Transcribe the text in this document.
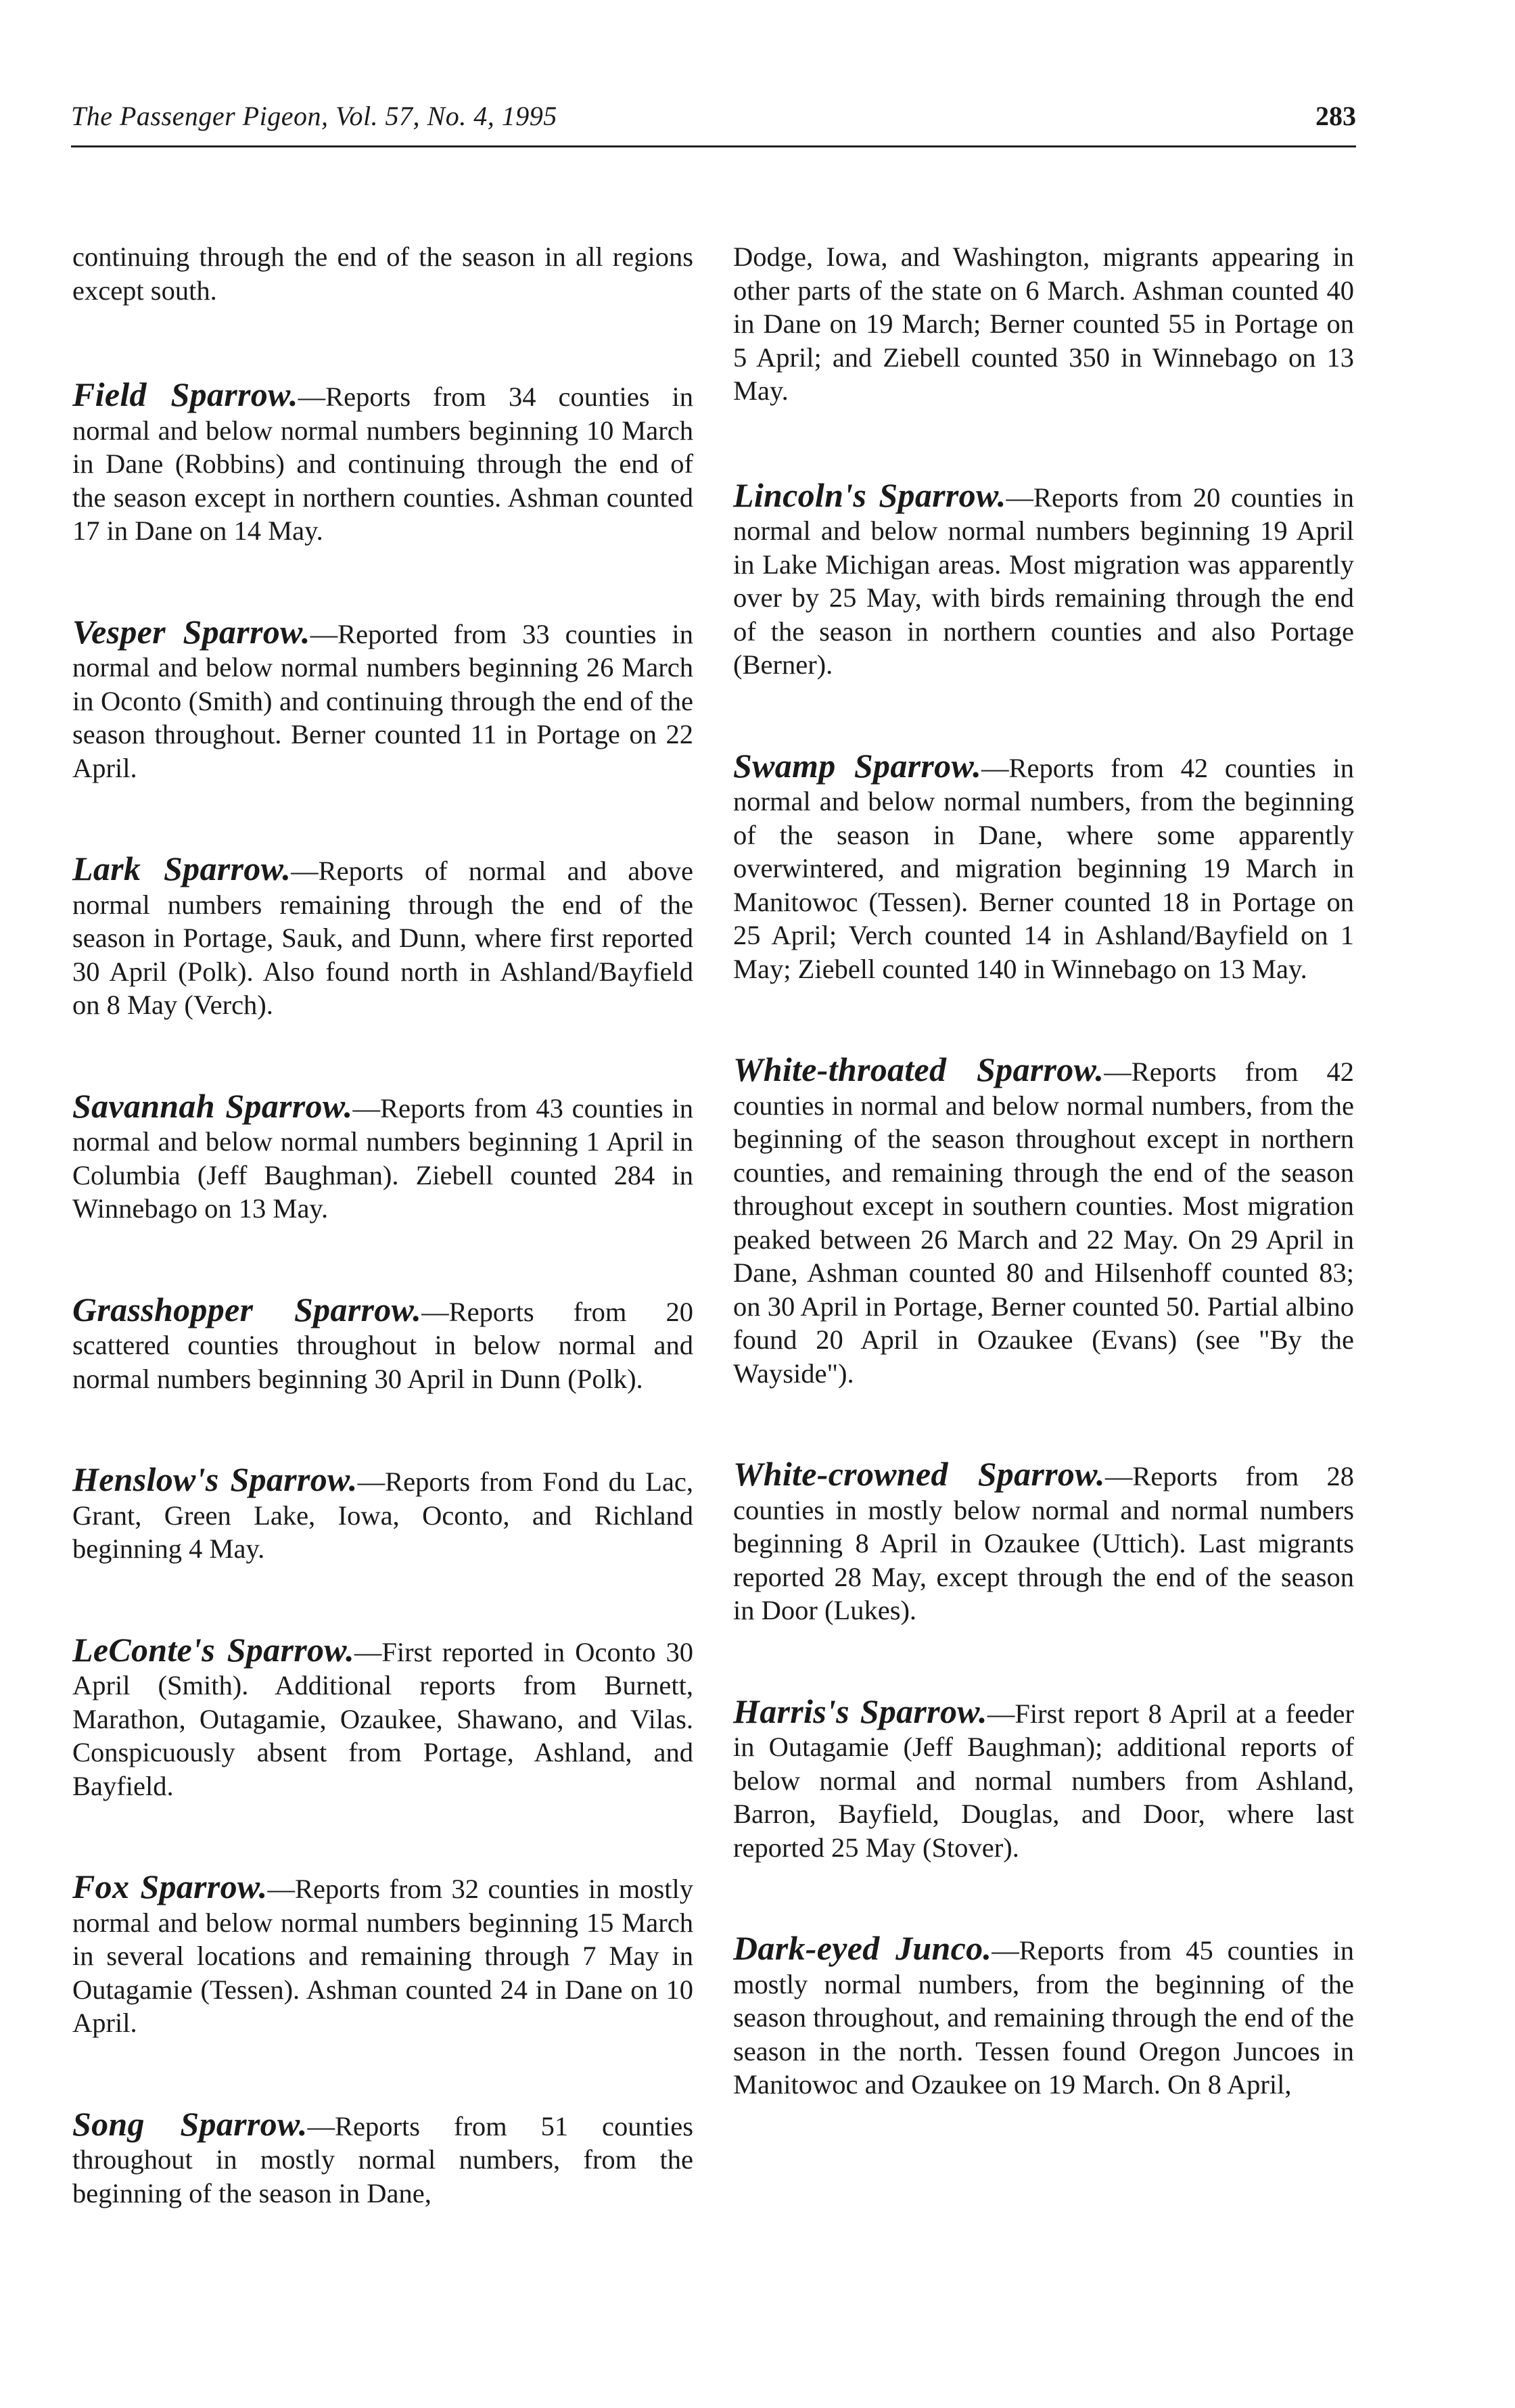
The Passenger Pigeon, Vol. 57, No. 4, 1995	283

continuing through the end of the season in all regions except south.

Field Sparrow.—Reports from 34 counties in normal and below normal numbers beginning 10 March in Dane (Robbins) and continuing through the end of the season except in northern counties. Ashman counted 17 in Dane on 14 May.

Vesper Sparrow.—Reported from 33 counties in normal and below normal numbers beginning 26 March in Oconto (Smith) and continuing through the end of the season throughout. Berner counted 11 in Portage on 22 April.

Lark Sparrow.—Reports of normal and above normal numbers remaining through the end of the season in Portage, Sauk, and Dunn, where first reported 30 April (Polk). Also found north in Ashland/Bayfield on 8 May (Verch).

Savannah Sparrow.—Reports from 43 counties in normal and below normal numbers beginning 1 April in Columbia (Jeff Baughman). Ziebell counted 284 in Winnebago on 13 May.

Grasshopper Sparrow.—Reports from 20 scattered counties throughout in below normal and normal numbers beginning 30 April in Dunn (Polk).

Henslow's Sparrow.—Reports from Fond du Lac, Grant, Green Lake, Iowa, Oconto, and Richland beginning 4 May.

LeConte's Sparrow.—First reported in Oconto 30 April (Smith). Additional reports from Burnett, Marathon, Outagamie, Ozaukee, Shawano, and Vilas. Conspicuously absent from Portage, Ashland, and Bayfield.

Fox Sparrow.—Reports from 32 counties in mostly normal and below normal numbers beginning 15 March in several locations and remaining through 7 May in Outagamie (Tessen). Ashman counted 24 in Dane on 10 April.

Song Sparrow.—Reports from 51 counties throughout in mostly normal numbers, from the beginning of the season in Dane,

Dodge, Iowa, and Washington, migrants appearing in other parts of the state on 6 March. Ashman counted 40 in Dane on 19 March; Berner counted 55 in Portage on 5 April; and Ziebell counted 350 in Winnebago on 13 May.

Lincoln's Sparrow.—Reports from 20 counties in normal and below normal numbers beginning 19 April in Lake Michigan areas. Most migration was apparently over by 25 May, with birds remaining through the end of the season in northern counties and also Portage (Berner).

Swamp Sparrow.—Reports from 42 counties in normal and below normal numbers, from the beginning of the season in Dane, where some apparently overwintered, and migration beginning 19 March in Manitowoc (Tessen). Berner counted 18 in Portage on 25 April; Verch counted 14 in Ashland/Bayfield on 1 May; Ziebell counted 140 in Winnebago on 13 May.

White-throated Sparrow.—Reports from 42 counties in normal and below normal numbers, from the beginning of the season throughout except in northern counties, and remaining through the end of the season throughout except in southern counties. Most migration peaked between 26 March and 22 May. On 29 April in Dane, Ashman counted 80 and Hilsenhoff counted 83; on 30 April in Portage, Berner counted 50. Partial albino found 20 April in Ozaukee (Evans) (see "By the Wayside").

White-crowned Sparrow.—Reports from 28 counties in mostly below normal and normal numbers beginning 8 April in Ozaukee (Uttich). Last migrants reported 28 May, except through the end of the season in Door (Lukes).

Harris's Sparrow.—First report 8 April at a feeder in Outagamie (Jeff Baughman); additional reports of below normal and normal numbers from Ashland, Barron, Bayfield, Douglas, and Door, where last reported 25 May (Stover).

Dark-eyed Junco.—Reports from 45 counties in mostly normal numbers, from the beginning of the season throughout, and remaining through the end of the season in the north. Tessen found Oregon Juncoes in Manitowoc and Ozaukee on 19 March. On 8 April,
